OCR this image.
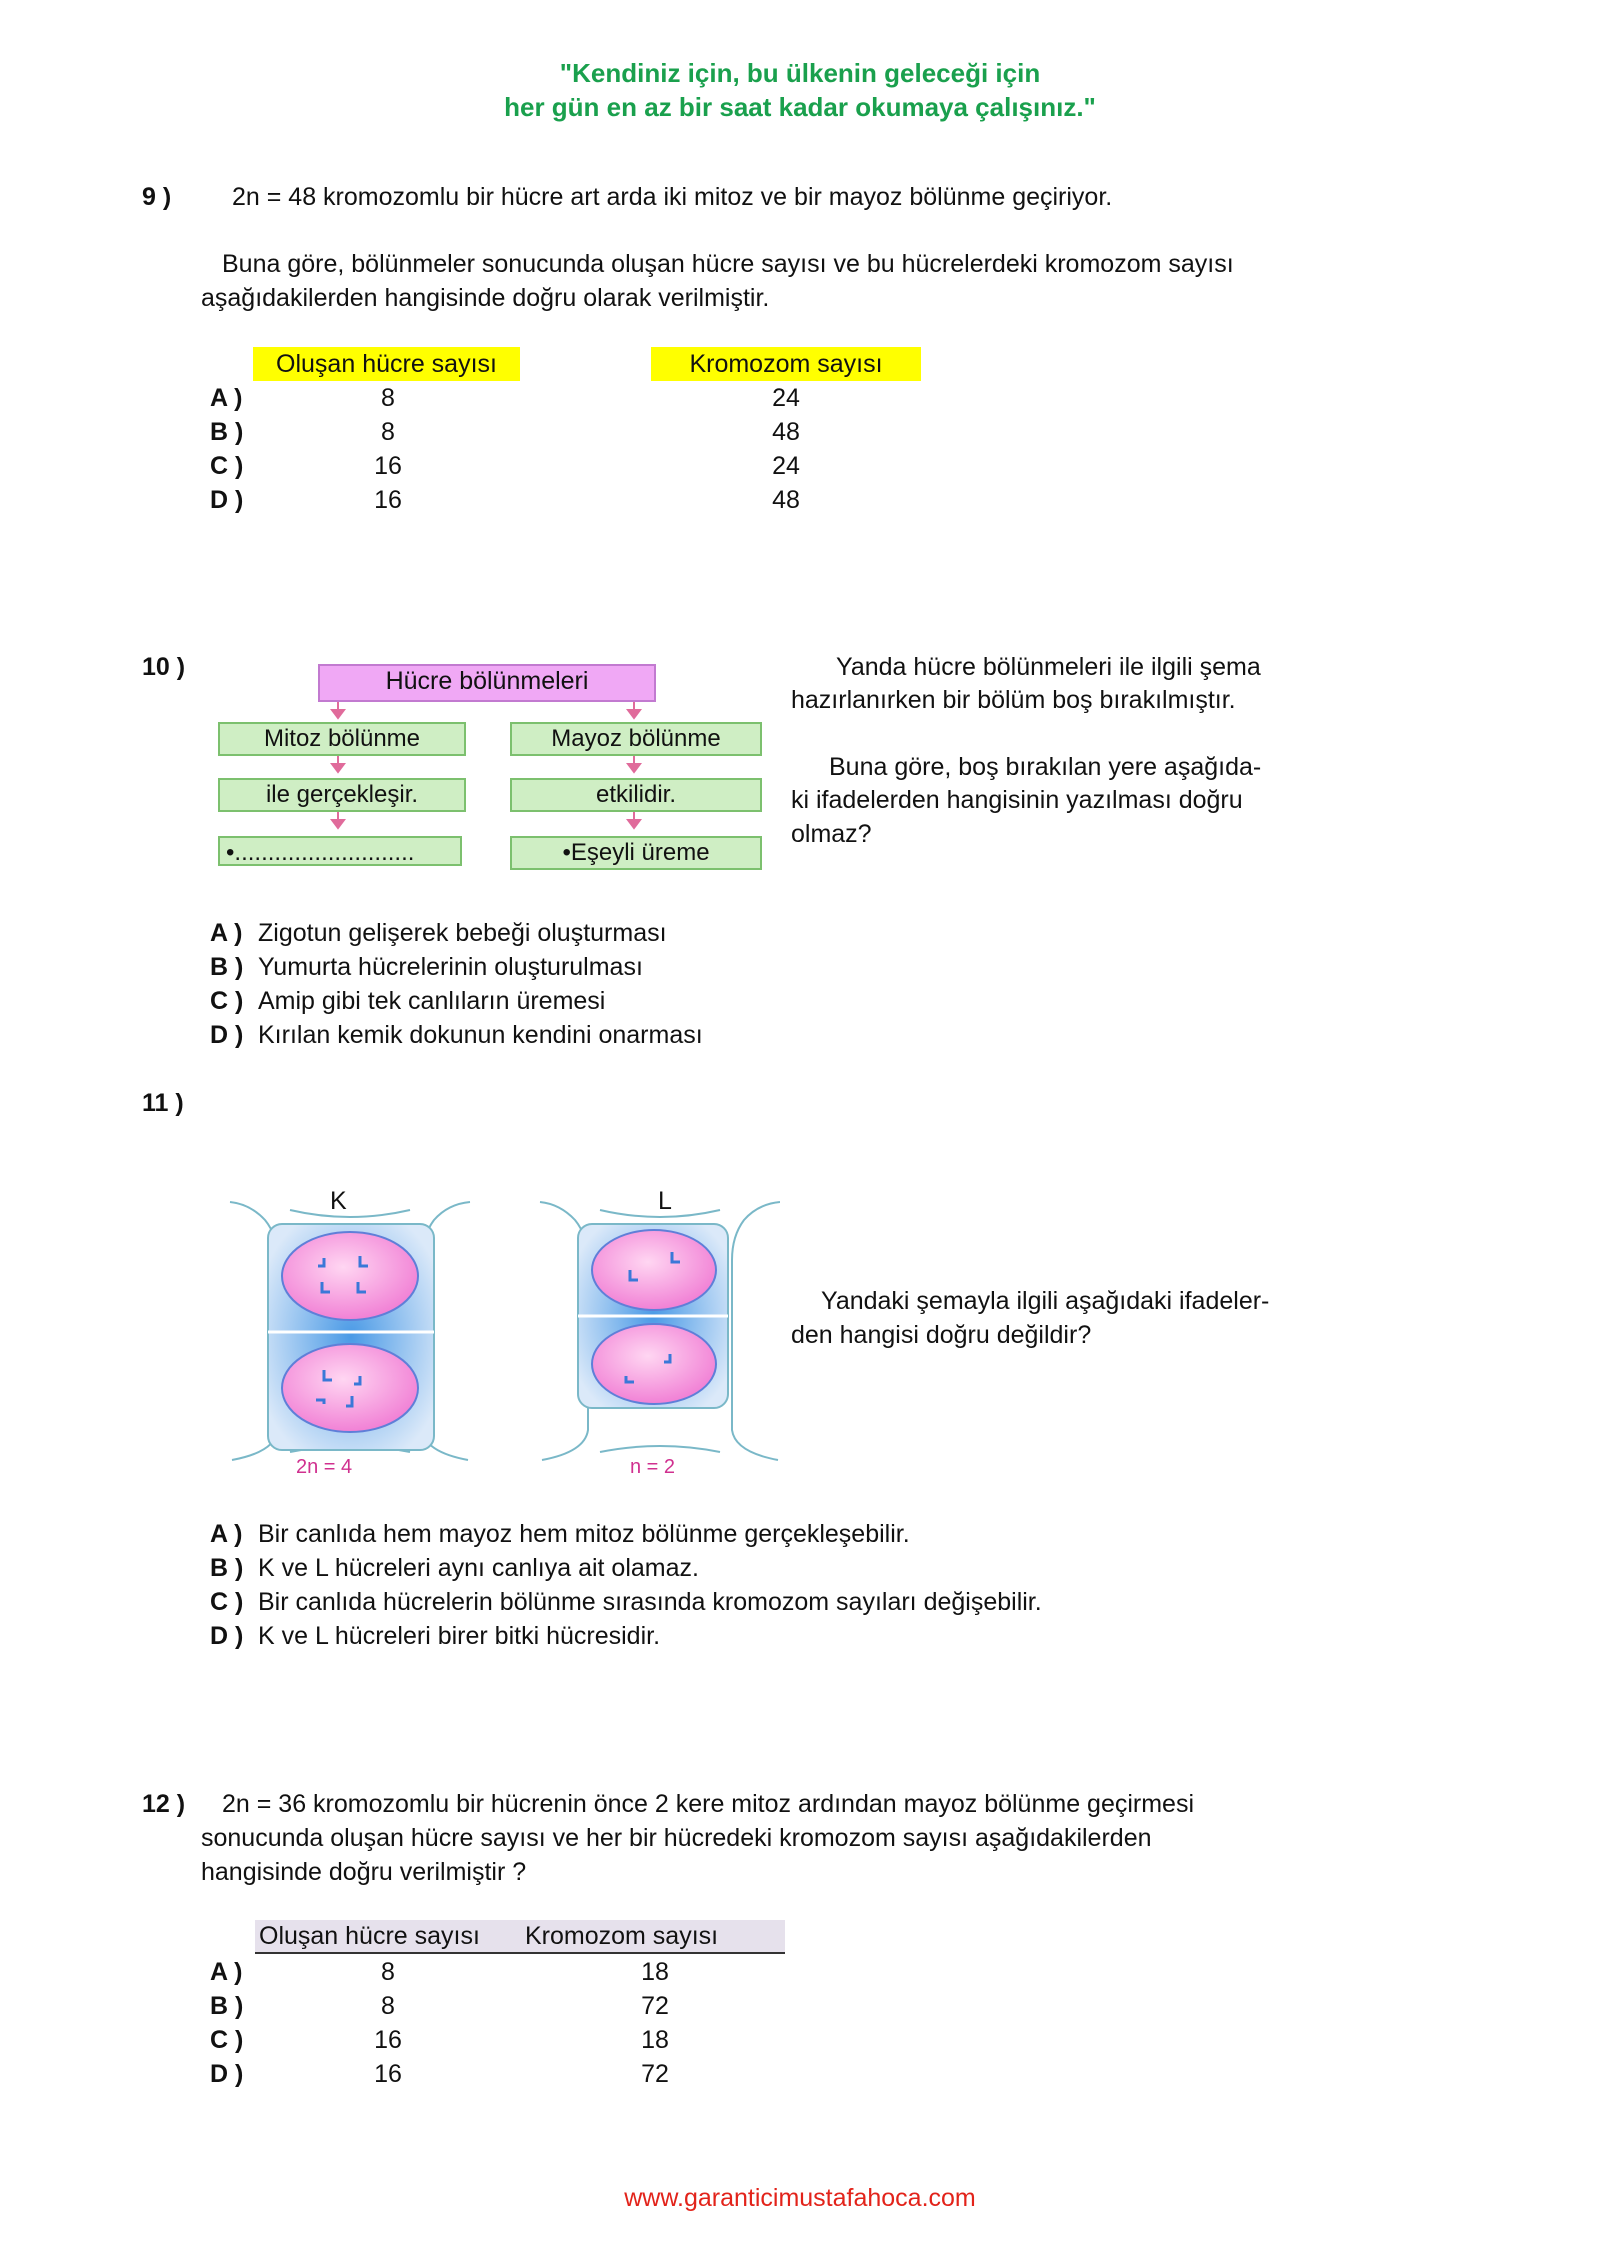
"Kendiniz için, bu ülkenin geleceği için
her gün en az bir saat kadar okumaya çalışınız."
9 ) 2n = 48 kromozomlu bir hücre art arda iki mitoz ve bir mayoz bölünme geçiriyor.
Buna göre, bölünmeler sonucunda oluşan hücre sayısı ve bu hücrelerdeki kromozom sayısı
aşağıdakilerden hangisinde doğru olarak verilmiştir.
Oluşan hücre sayısı	Kromozom sayısı
A )	8	24
B )	8	48
C )	16	24
D )	16	48
10 )	Hücre bölünmeleri
Mitoz bölünme	Mayoz bölünme
ile gerçekleşir.	etkilidir.
•...........................	•Eşeyli üreme
Yanda hücre bölünmeleri ile ilgili şema
hazırlanırken bir bölüm boş bırakılmıştır.
Buna göre, boş bırakılan yere aşağıda-
ki ifadelerden hangisinin yazılması doğru
olmaz?
A ) Zigotun gelişerek bebeği oluşturması
B ) Yumurta hücrelerinin oluşturulması
C ) Amip gibi tek canlıların üremesi
D ) Kırılan kemik dokunun kendini onarması
11 )
K	L
2n = 4	n = 2
Yandaki şemayla ilgili aşağıdaki ifadeler-
den hangisi doğru değildir?
A ) Bir canlıda hem mayoz hem mitoz bölünme gerçekleşebilir.
B ) K ve L hücreleri aynı canlıya ait olamaz.
C ) Bir canlıda hücrelerin bölünme sırasında kromozom sayıları değişebilir.
D ) K ve L hücreleri birer bitki hücresidir.
12 ) 2n = 36 kromozomlu bir hücrenin önce 2 kere mitoz ardından mayoz bölünme geçirmesi
sonucunda oluşan hücre sayısı ve her bir hücredeki kromozom sayısı aşağıdakilerden
hangisinde doğru verilmiştir ?
Oluşan hücre sayısı Kromozom sayısı
A )	8	18
B )	8	72
C )	16	18
D )	16	72
www.garanticimustafahoca.com
